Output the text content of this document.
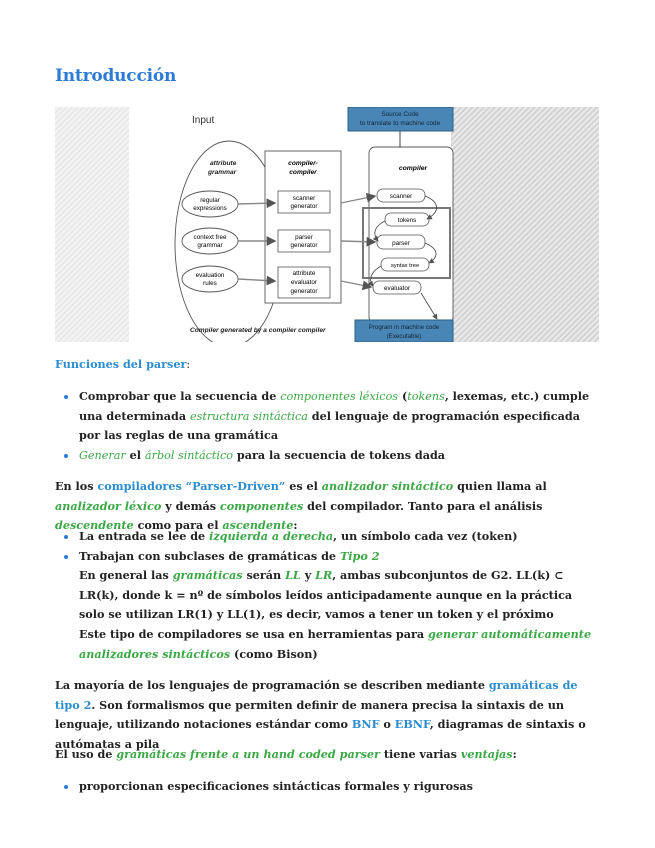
Introducción
Input
Source Code
to translate to machine code
attribute
grammar
regular
expressions
context free
grammar
evaluation
rules
compiler-
compiler
scanner
generator
parser
generator
attribute
evaluator
generator
compiler
scanner
tokens
parser
syntax tree
evaluator
Program in machine code
(Executable)
Compiler generated by a compiler compiler

Funciones del parser:

Comprobar que la secuencia de componentes léxicos (tokens, lexemas, etc.) cumple una determinada estructura sintáctica del lenguaje de programación especificada por las reglas de una gramática
Generar el árbol sintáctico para la secuencia de tokens dada

En los compiladores “Parser-Driven” es el analizador sintáctico quien llama al analizador léxico y demás componentes del compilador. Tanto para el análisis descendente como para el ascendente:

La entrada se lee de izquierda a derecha, un símbolo cada vez (token)
Trabajan con subclases de gramáticas de Tipo 2
En general las gramáticas serán LL y LR, ambas subconjuntos de G2. LL(k) ⊂ LR(k), donde k = nº de símbolos leídos anticipadamente aunque en la práctica solo se utilizan LR(1) y LL(1), es decir, vamos a tener un token y el próximo
Este tipo de compiladores se usa en herramientas para generar automáticamente analizadores sintácticos (como Bison)

La mayoría de los lenguajes de programación se describen mediante gramáticas de tipo 2. Son formalismos que permiten definir de manera precisa la sintaxis de un lenguaje, utilizando notaciones estándar como BNF o EBNF, diagramas de sintaxis o autómatas a pila

El uso de gramáticas frente a un hand coded parser tiene varias ventajas:

proporcionan especificaciones sintácticas formales y rigurosas
